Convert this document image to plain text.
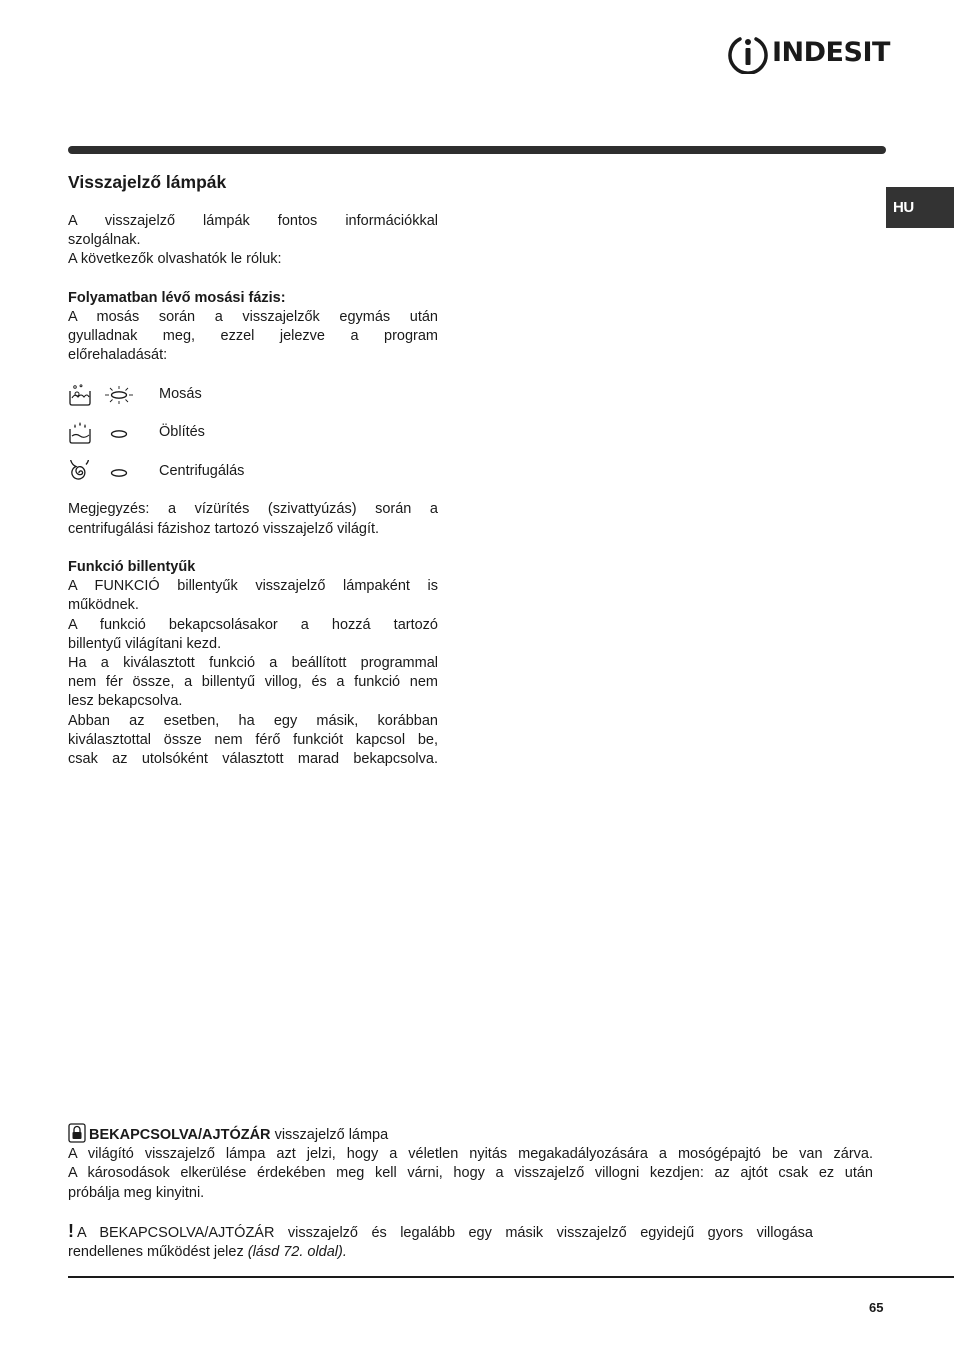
INDESIT
HU
Visszajelző lámpák

A visszajelző lámpák fontos információkkal

szolgálnak.

A következők olvashatók le róluk:

Folyamatban lévő mosási fázis:

A mosás során a visszajelzők egymás után

gyulladnak meg, ezzel jelezve a program

előrehaladását:

Mosás
Öblítés
Centrifugálás

Megjegyzés: a vízürítés (szivattyúzás) során a

centrifugálási fázishoz tartozó visszajelző világít.

Funkció billentyűk

A FUNKCIÓ billentyűk visszajelző lámpaként is

működnek.

A funkció bekapcsolásakor a hozzá tartozó

billentyű világítani kezd.

Ha a kiválasztott funkció a beállított programmal

nem fér össze, a billentyű villog, és a funkció nem

lesz bekapcsolva.

Abban az esetben, ha egy másik, korábban

kiválasztottal össze nem férő funkciót kapcsol be,

csak az utolsóként választott marad bekapcsolva.

BEKAPCSOLVA/AJTÓZÁR visszajelző lámpa

A világító visszajelző lámpa azt jelzi, hogy a véletlen nyitás megakadályozására a mosógépajtó be van zárva.

A károsodások elkerülése érdekében meg kell várni, hogy a visszajelző villogni kezdjen: az ajtót csak ez után

próbálja meg kinyitni.

! A BEKAPCSOLVA/AJTÓZÁR visszajelző és legalább egy másik visszajelző egyidejű gyors villogása

rendellenes működést jelez (lásd 72. oldal).

65
